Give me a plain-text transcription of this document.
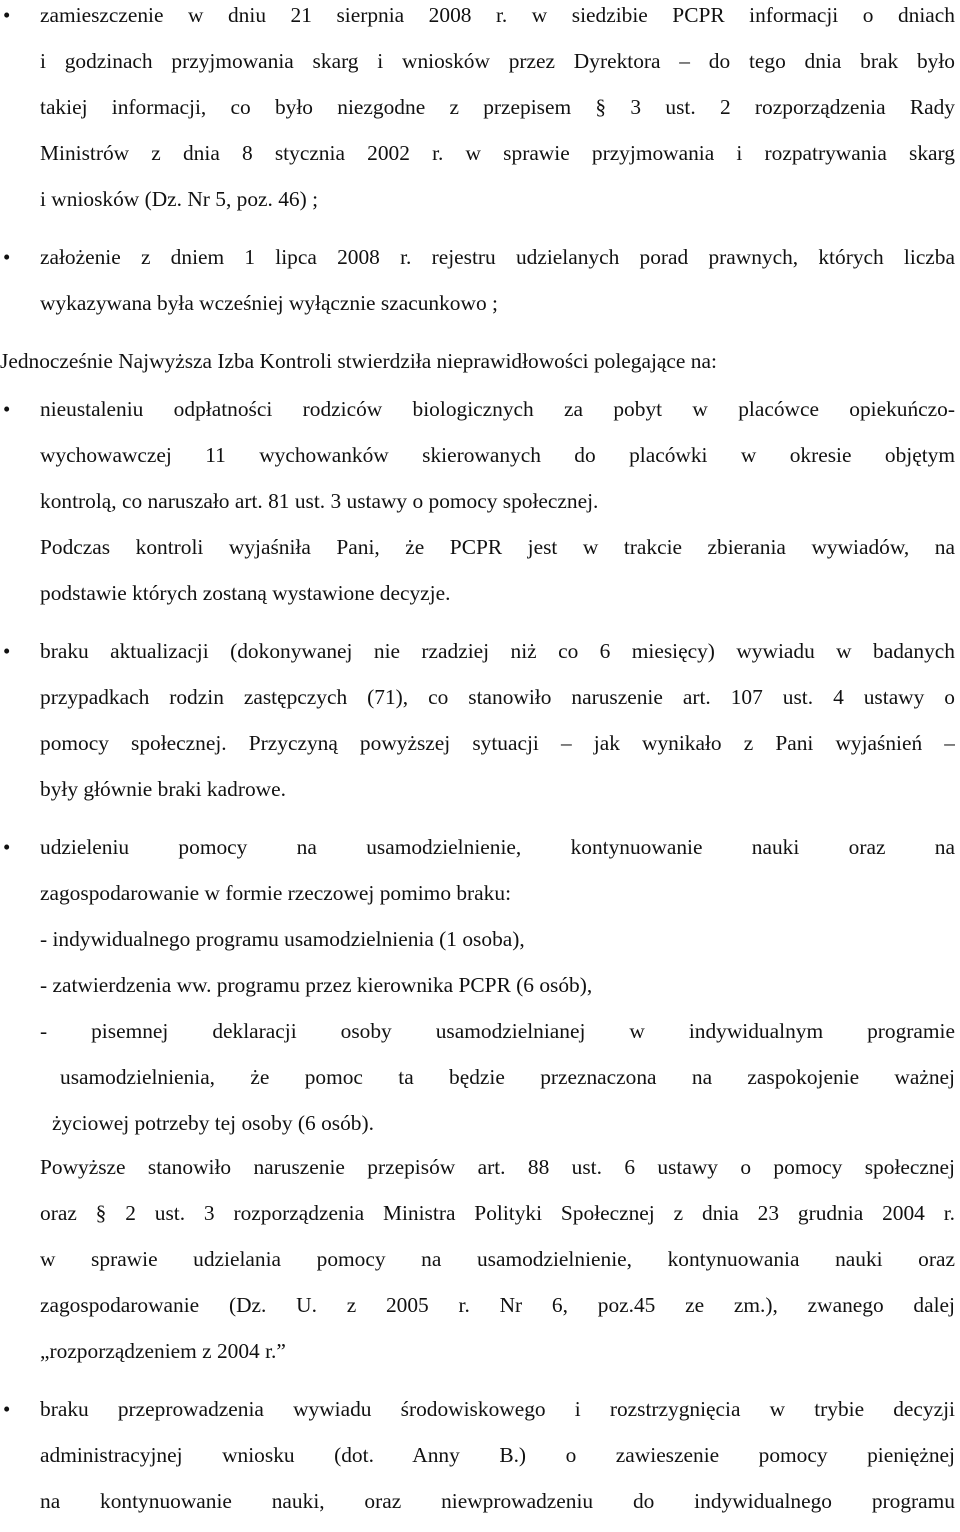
• zamieszczenie w dniu 21 sierpnia 2008 r. w siedzibie PCPR informacji o dniach
i godzinach przyjmowania skarg i wniosków przez Dyrektora – do tego dnia brak było
takiej informacji, co było niezgodne z przepisem § 3 ust. 2 rozporządzenia Rady
Ministrów z dnia 8 stycznia 2002 r. w sprawie przyjmowania i rozpatrywania skarg
i wniosków (Dz. Nr 5, poz. 46) ;
• założenie z dniem 1 lipca 2008 r. rejestru udzielanych porad prawnych, których liczba
wykazywana była wcześniej wyłącznie szacunkowo ;
Jednocześnie Najwyższa Izba Kontroli stwierdziła nieprawidłowości polegające na:
• nieustaleniu odpłatności rodziców biologicznych za pobyt w placówce opiekuńczo-
wychowawczej 11 wychowanków skierowanych do placówki w okresie objętym
kontrolą, co naruszało art. 81 ust. 3 ustawy o pomocy społecznej.
Podczas kontroli wyjaśniła Pani, że PCPR jest w trakcie zbierania wywiadów, na
podstawie których zostaną wystawione decyzje.
• braku aktualizacji (dokonywanej nie rzadziej niż co 6 miesięcy) wywiadu w badanych
przypadkach rodzin zastępczych (71), co stanowiło naruszenie art. 107 ust. 4 ustawy o
pomocy społecznej. Przyczyną powyższej sytuacji – jak wynikało z Pani wyjaśnień –
były głównie braki kadrowe.
• udzieleniu pomocy na usamodzielnienie, kontynuowanie nauki oraz na
zagospodarowanie w formie rzeczowej pomimo braku:
- indywidualnego programu usamodzielnienia (1 osoba),
- zatwierdzenia ww. programu przez kierownika PCPR (6 osób),
- pisemnej deklaracji osoby usamodzielnianej w indywidualnym programie
usamodzielnienia, że pomoc ta będzie przeznaczona na zaspokojenie ważnej
życiowej potrzeby tej osoby (6 osób).
Powyższe stanowiło naruszenie przepisów art. 88 ust. 6 ustawy o pomocy społecznej
oraz § 2 ust. 3 rozporządzenia Ministra Polityki Społecznej z dnia 23 grudnia 2004 r.
w sprawie udzielania pomocy na usamodzielnienie, kontynuowania nauki oraz
zagospodarowanie (Dz. U. z 2005 r. Nr 6, poz.45 ze zm.), zwanego dalej
„rozporządzeniem z 2004 r.”
• braku przeprowadzenia wywiadu środowiskowego i rozstrzygnięcia w trybie decyzji
administracyjnej wniosku (dot. Anny B.) o zawieszenie pomocy pieniężnej
na kontynuowanie nauki, oraz niewprowadzeniu do indywidualnego programu
